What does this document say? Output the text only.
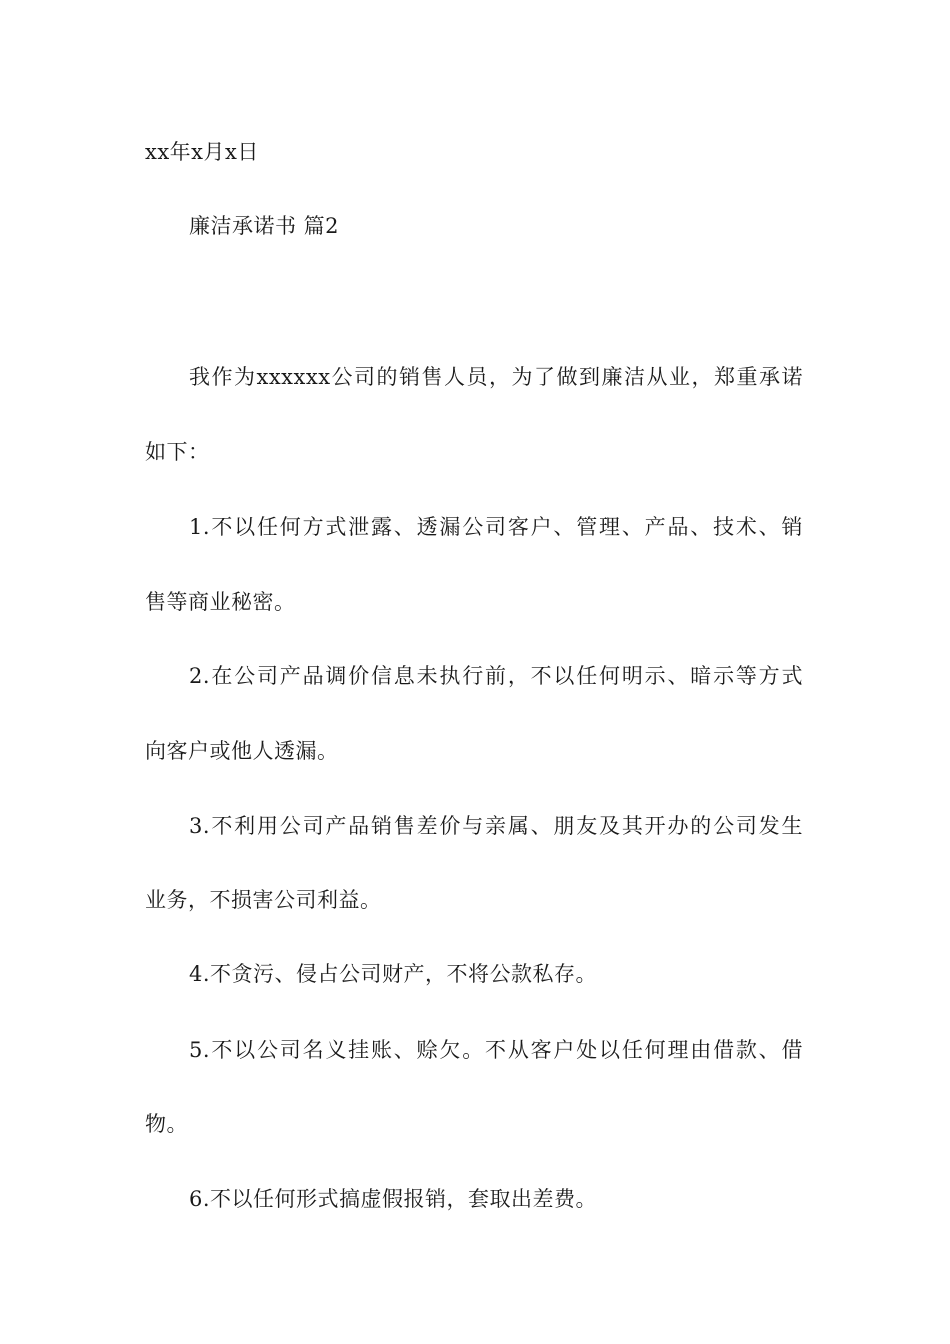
xx年x月x日
廉洁承诺书 篇2
我作为xxxxxx公司的销售人员，为了做到廉洁从业，郑重承诺
如下：
1.不以任何方式泄露、透漏公司客户、管理、产品、技术、销
售等商业秘密。
2.在公司产品调价信息未执行前，不以任何明示、暗示等方式
向客户或他人透漏。
3.不利用公司产品销售差价与亲属、朋友及其开办的公司发生
业务，不损害公司利益。
4.不贪污、侵占公司财产，不将公款私存。
5.不以公司名义挂账、赊欠。不从客户处以任何理由借款、借
物。
6.不以任何形式搞虚假报销，套取出差费。
